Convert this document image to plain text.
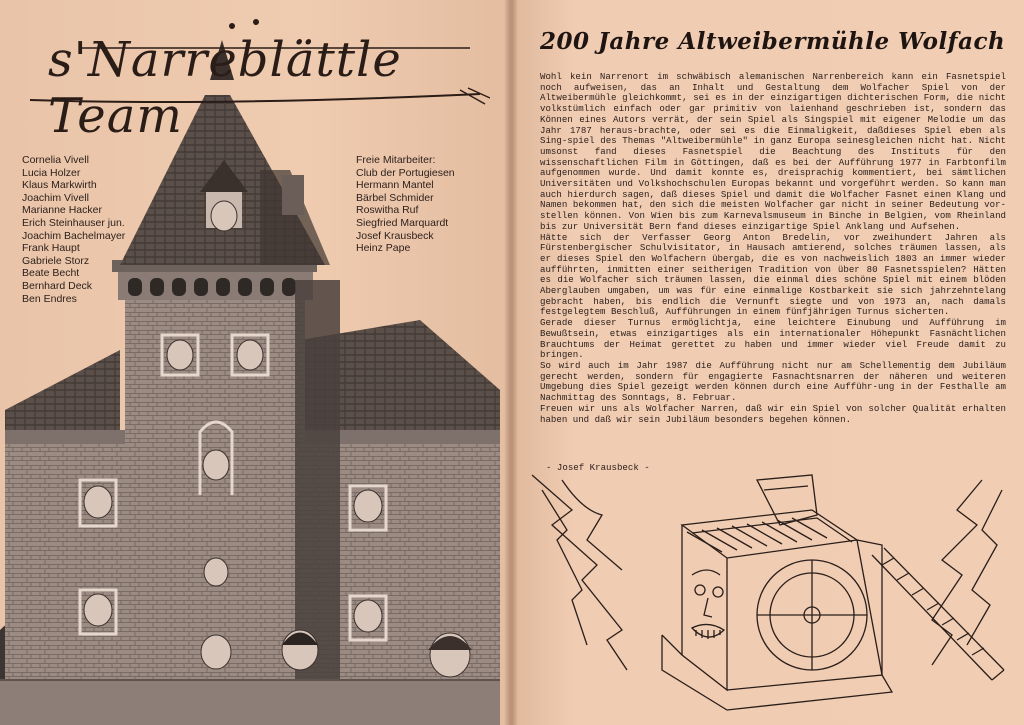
s'Narreblättle Team
Cornelia Vivell
Lucia Holzer
Klaus Markwirth
Joachim Vivell
Marianne Hacker
Erich Steinhauser jun.
Joachim Bachelmayer
Frank Haupt
Gabriele Storz
Beate Becht
Bernhard Deck
Ben Endres
Freie Mitarbeiter:
Club der Portugiesen
Hermann Mantel
Bärbel Schmider
Roswitha Ruf
Siegfried Marquardt
Josef Krausbeck
Heinz Pape
200 Jahre Altweibermühle Wolfach

Wohl kein Narrenort im schwäbisch alemanischen Narrenbereich kann ein Fasnetspiel noch aufweisen, das an Inhalt und Gestaltung dem Wolfacher Spiel von der Altweibermühle gleichkommt, sei es in der einzigartigen dichterischen Form, die nicht volkstümlich einfach oder gar primitiv von laienhand geschrieben ist, sondern das Können eines Autors verrät, der sein Spiel als Singspiel mit eigener Melodie um das Jahr 1787 heraus-brachte, oder sei es die Einmaligkeit, daßdieses Spiel eben als Sing-spiel des Themas "Altweibermühle" in ganz Europa seinesgleichen nicht hat. Nicht umsonst fand dieses Fasnetspiel die Beachtung des Instituts für den wissenschaftlichen Film in Göttingen, daß es bei der Aufführung 1977 in Farbtonfilm aufgenommen wurde. Und damit konnte es, dreisprachig kommentiert, bei sämtlichen Universitäten und Volkshochschulen Europas bekannt und vorgeführt werden. So kann man auch hierdurch sagen, daß dieses Spiel und damit die Wolfacher Fasnet einen Klang und Namen bekommen hat, den sich die meisten Wolfacher gar nicht in seiner Bedeutung vor-stellen können. Von Wien bis zum Karnevalsmuseum in Binche in Belgien, vom Rheinland bis zur Universität Bern fand dieses einzigartige Spiel Anklang und Aufsehen.

Hätte sich der Verfasser Georg Anton Bredelin, vor zweihundert Jahren als Fürstenbergischer Schulvisitator, in Hausach amtierend, solches träumen lassen, als er dieses Spiel den Wolfachern übergab, die es von nachweislich 1803 an immer wieder aufführten, inmitten einer seitherigen Tradition von über 80 Fasnetsspielen? Hätten es die Wolfacher sich träumen lassen, die einmal dies schöne Spiel mit einem blöden Aberglauben umgaben, um was für eine einmalige Kostbarkeit sie sich jahrzehntelang gebracht haben, bis endlich die Vernunft siegte und von 1973 an, nach damals festgelegtem Beschluß, Aufführungen in einem fünfjährigen Turnus sicherten.

Gerade dieser Turnus ermöglichtja, eine leichtere Einubung und Aufführung im Bewußtsein, etwas einzigartiges als ein internationaler Höhepunkt Fasnächtlichen Brauchtums der Heimat gerettet zu haben und immer wieder viel Freude damit zu bringen.

So wird auch im Jahr 1987 die Aufführung nicht nur am Schellementig dem Jubiläum gerecht werden, sondern für engagierte Fasnachtsnarren der näheren und weiteren Umgebung dies Spiel gezeigt werden können durch eine Aufführ-ung in der Festhalle am Nachmittag des Sonntags, 8. Februar.

Freuen wir uns als Wolfacher Narren, daß wir ein Spiel von solcher Qualität erhalten haben und daß wir sein Jubiläum besonders begehen können.

- Josef Krausbeck -
